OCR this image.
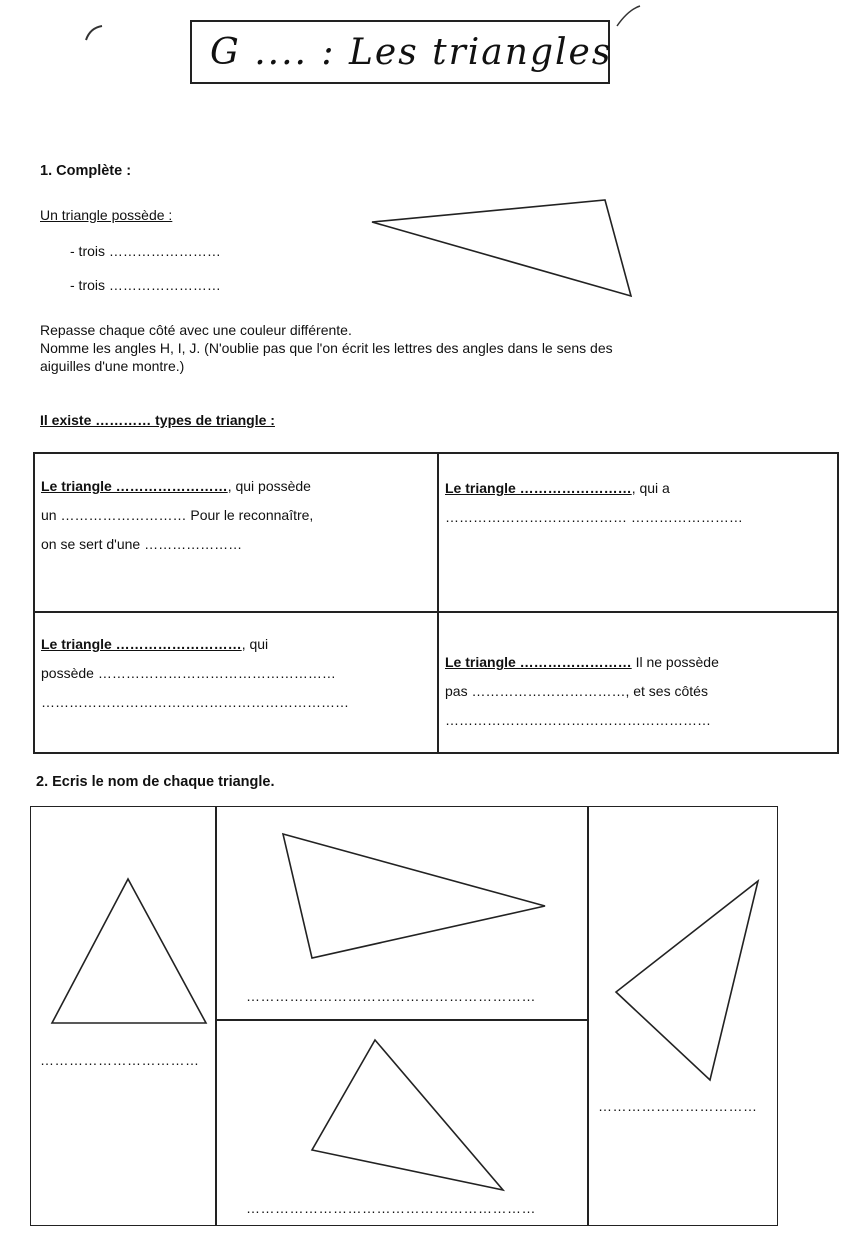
G .... : Les triangles
1. Complète :
Un triangle possède :
- trois ……………………
- trois ……………………
Repasse chaque côté avec une couleur différente.
Nomme les angles H, I, J. (N'oublie pas que l'on écrit les lettres des angles dans le sens des
aiguilles d'une montre.)
Il existe ………… types de triangle :
Le triangle ……………………, qui possède
un ……………………… Pour le reconnaître,
on se sert d'une …………………
Le triangle ……………………, qui a
………………………………… ……………………
Le triangle ………………………, qui
possède ……………………………………………
…………………………………………………………
Le triangle …………………… Il ne possède
pas ……………………………, et ses côtés
…………………………………………………
2. Ecris le nom de chaque triangle.
……………………………
……………………………………………………
……………………………
……………………………………………………
